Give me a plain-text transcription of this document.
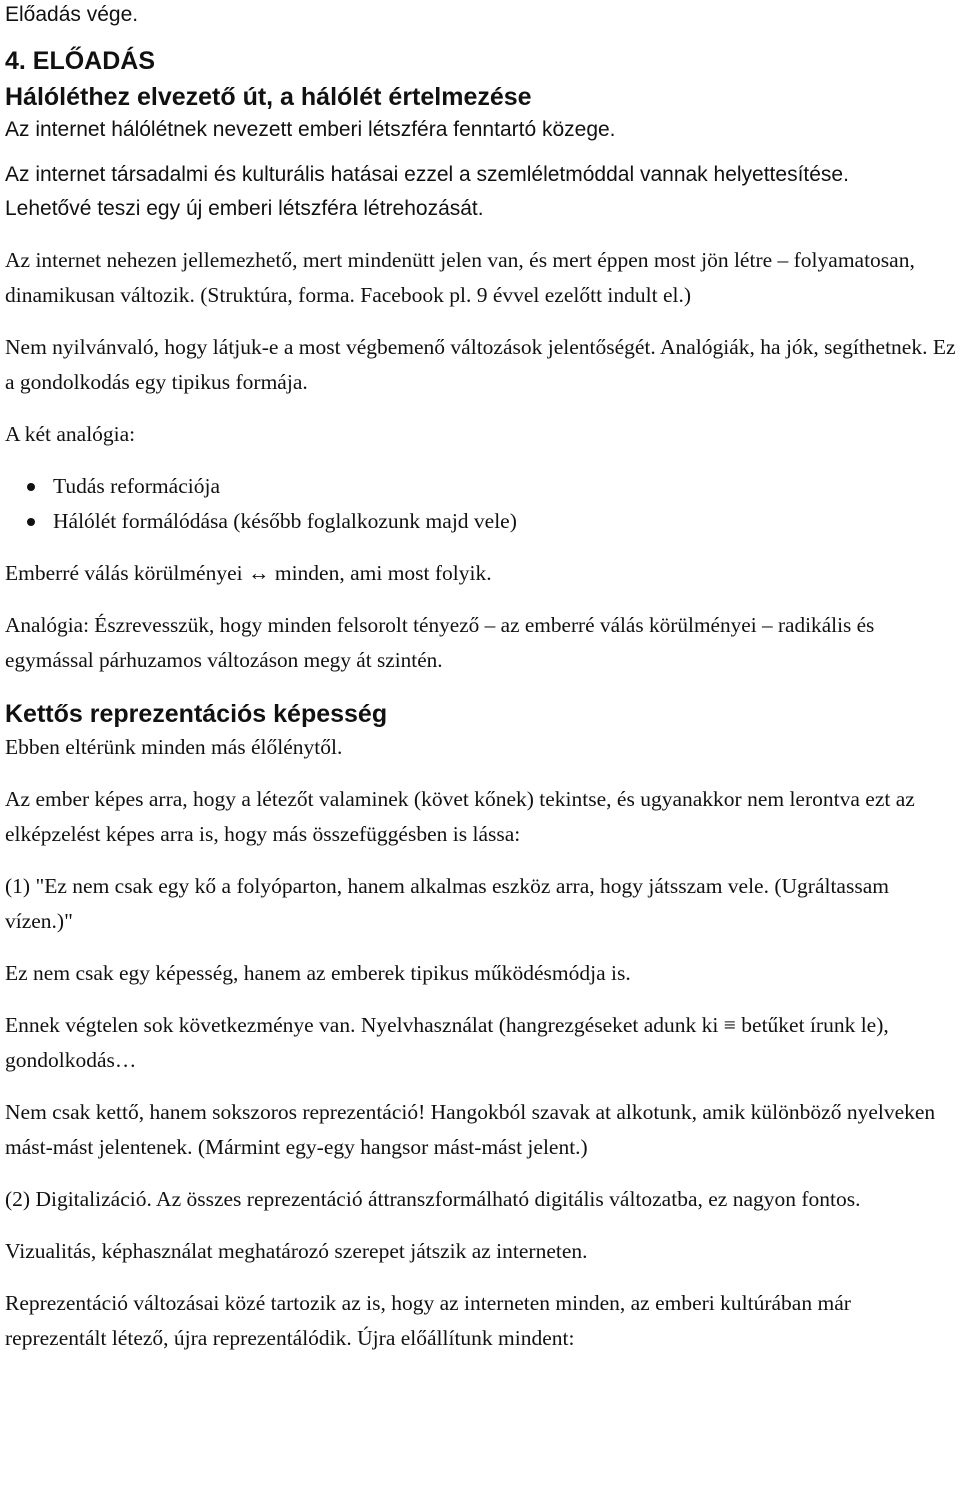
Előadás vége.

4. ELŐADÁS

Hálóléthez elvezető út, a hálólét értelmezése

Az internet hálólétnek nevezett emberi létszféra fenntartó közege.

Az internet társadalmi és kulturális hatásai ezzel a szemléletmóddal vannak helyettesítése. Lehetővé teszi egy új emberi létszféra létrehozását.

Az internet nehezen jellemezhető, mert mindenütt jelen van, és mert éppen most jön létre – folyamatosan, dinamikusan változik. (Struktúra, forma. Facebook pl. 9 évvel ezelőtt indult el.)

Nem nyilvánvaló, hogy látjuk-e a most végbemenő változások jelentőségét. Analógiák, ha jók, segíthetnek. Ez a gondolkodás egy tipikus formája.

A két analógia:

Tudás reformációja
Hálólét formálódása (később foglalkozunk majd vele)

Emberré válás körülményei ↔ minden, ami most folyik.

Analógia: Észrevesszük, hogy minden felsorolt tényező – az emberré válás körülményei – radikális és egymással párhuzamos változáson megy át szintén.

Kettős reprezentációs képesség

Ebben eltérünk minden más élőlénytől.

Az ember képes arra, hogy a létezőt valaminek (követ kőnek) tekintse, és ugyanakkor nem lerontva ezt az elképzelést képes arra is, hogy más összefüggésben is lássa:

(1) "Ez nem csak egy kő a folyóparton, hanem alkalmas eszköz arra, hogy játsszam vele. (Ugráltassam vízen.)"

Ez nem csak egy képesség, hanem az emberek tipikus működésmódja is.

Ennek végtelen sok következménye van. Nyelvhasználat (hangrezgéseket adunk ki ≡ betűket írunk le), gondolkodás…

Nem csak kettő, hanem sokszoros reprezentáció! Hangokból szavak at alkotunk, amik különböző nyelveken mást-mást jelentenek. (Mármint egy-egy hangsor mást-mást jelent.)

(2) Digitalizáció. Az összes reprezentáció áttranszformálható digitális változatba, ez nagyon fontos.

Vizualitás, képhasználat meghatározó szerepet játszik az interneten.

Reprezentáció változásai közé tartozik az is, hogy az interneten minden, az emberi kultúrában már reprezentált létező, újra reprezentálódik. Újra előállítunk mindent:
